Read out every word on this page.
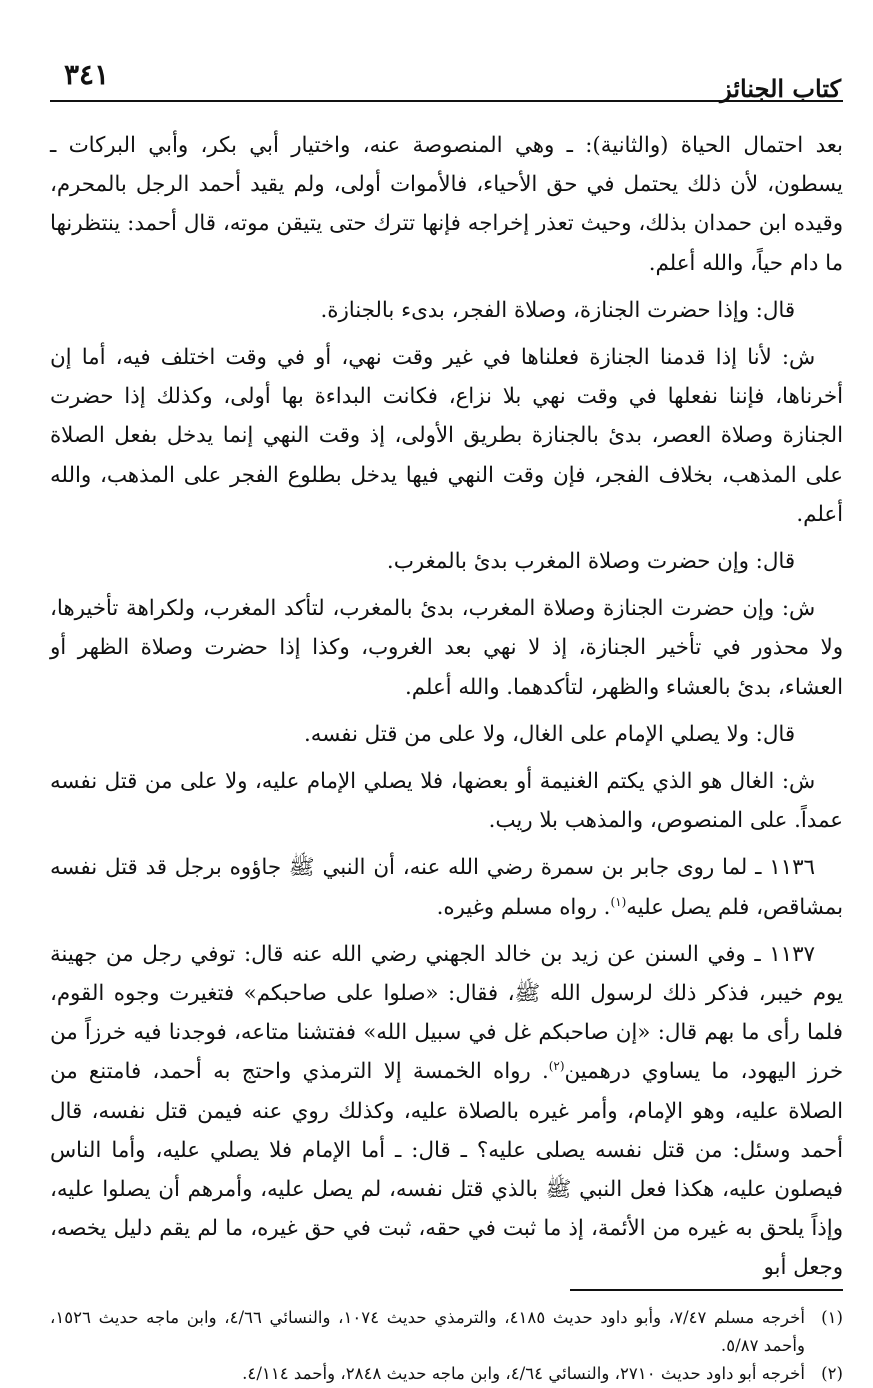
كتاب الجنائز
٣٤١

بعد احتمال الحياة (والثانية): ـ وهي المنصوصة عنه، واختيار أبي بكر، وأبي البركات ـ يسطون، لأن ذلك يحتمل في حق الأحياء، فالأموات أولى، ولم يقيد أحمد الرجل بالمحرم، وقيده ابن حمدان بذلك، وحيث تعذر إخراجه فإنها تترك حتى يتيقن موته، قال أحمد: ينتظرنها ما دام حياً، والله أعلم.

قال: وإذا حضرت الجنازة، وصلاة الفجر، بدىء بالجنازة.

ش: لأنا إذا قدمنا الجنازة فعلناها في غير وقت نهي، أو في وقت اختلف فيه، أما إن أخرناها، فإننا نفعلها في وقت نهي بلا نزاع، فكانت البداءة بها أولى، وكذلك إذا حضرت الجنازة وصلاة العصر، بدئ بالجنازة بطريق الأولى، إذ وقت النهي إنما يدخل بفعل الصلاة على المذهب، بخلاف الفجر، فإن وقت النهي فيها يدخل بطلوع الفجر على المذهب، والله أعلم.

قال: وإن حضرت وصلاة المغرب بدئ بالمغرب.

ش: وإن حضرت الجنازة وصلاة المغرب، بدئ بالمغرب، لتأكد المغرب، ولكراهة تأخيرها، ولا محذور في تأخير الجنازة، إذ لا نهي بعد الغروب، وكذا إذا حضرت وصلاة الظهر أو العشاء، بدئ بالعشاء والظهر، لتأكدهما. والله أعلم.

قال: ولا يصلي الإمام على الغال، ولا على من قتل نفسه.

ش: الغال هو الذي يكتم الغنيمة أو بعضها، فلا يصلي الإمام عليه، ولا على من قتل نفسه عمداً. على المنصوص، والمذهب بلا ريب.

١١٣٦ ـ لما روى جابر بن سمرة رضي الله عنه، أن النبي ﷺ جاؤوه برجل قد قتل نفسه بمشاقص، فلم يصل عليه$^{(١)}$. رواه مسلم وغيره.

١١٣٧ ـ وفي السنن عن زيد بن خالد الجهني رضي الله عنه قال: توفي رجل من جهينة يوم خيبر، فذكر ذلك لرسول الله ﷺ، فقال: «صلوا على صاحبكم» فتغيرت وجوه القوم، فلما رأى ما بهم قال: «إن صاحبكم غل في سبيل الله» ففتشنا متاعه، فوجدنا فيه خرزاً من خرز اليهود، ما يساوي درهمين$^{(٢)}$. رواه الخمسة إلا الترمذي واحتج به أحمد، فامتنع من الصلاة عليه، وهو الإمام، وأمر غيره بالصلاة عليه، وكذلك روي عنه فيمن قتل نفسه، قال أحمد وسئل: من قتل نفسه يصلى عليه؟ ـ قال: ـ أما الإمام فلا يصلي عليه، وأما الناس فيصلون عليه، هكذا فعل النبي ﷺ بالذي قتل نفسه، لم يصل عليه، وأمرهم أن يصلوا عليه، وإذاً يلحق به غيره من الأئمة، إذ ما ثبت في حقه، ثبت في حق غيره، ما لم يقم دليل يخصه، وجعل أبو

(١)
أخرجه مسلم ٧/٤٧، وأبو داود حديث ٤١٨٥، والترمذي حديث ١٠٧٤، والنسائي ٤/٦٦، وابن ماجه حديث ١٥٢٦، وأحمد ٥/٨٧.
(٢)
أخرجه أبو داود حديث ٢٧١٠، والنسائي ٤/٦٤، وابن ماجه حديث ٢٨٤٨، وأحمد ٤/١١٤.
